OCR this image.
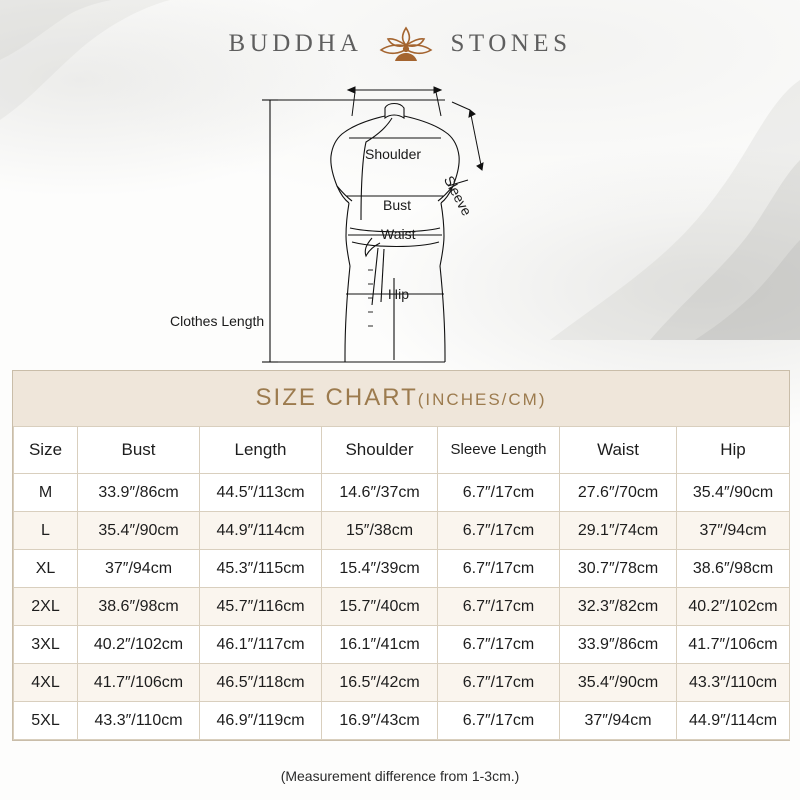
BUDDHA	STONES
Shoulder
Bust
Waist
Hip
Clothes Length
Sleeve
SIZE CHART(INCHES/CM)
Size	Bust	Length	Shoulder	Sleeve Length	Waist	Hip
M	33.9″/86cm	44.5″/113cm	14.6″/37cm	6.7″/17cm	27.6″/70cm	35.4″/90cm
L	35.4″/90cm	44.9″/114cm	15″/38cm	6.7″/17cm	29.1″/74cm	37″/94cm
XL	37″/94cm	45.3″/115cm	15.4″/39cm	6.7″/17cm	30.7″/78cm	38.6″/98cm
2XL	38.6″/98cm	45.7″/116cm	15.7″/40cm	6.7″/17cm	32.3″/82cm	40.2″/102cm
3XL	40.2″/102cm	46.1″/117cm	16.1″/41cm	6.7″/17cm	33.9″/86cm	41.7″/106cm
4XL	41.7″/106cm	46.5″/118cm	16.5″/42cm	6.7″/17cm	35.4″/90cm	43.3″/110cm
5XL	43.3″/110cm	46.9″/119cm	16.9″/43cm	6.7″/17cm	37″/94cm	44.9″/114cm
(Measurement difference from 1-3cm.)
